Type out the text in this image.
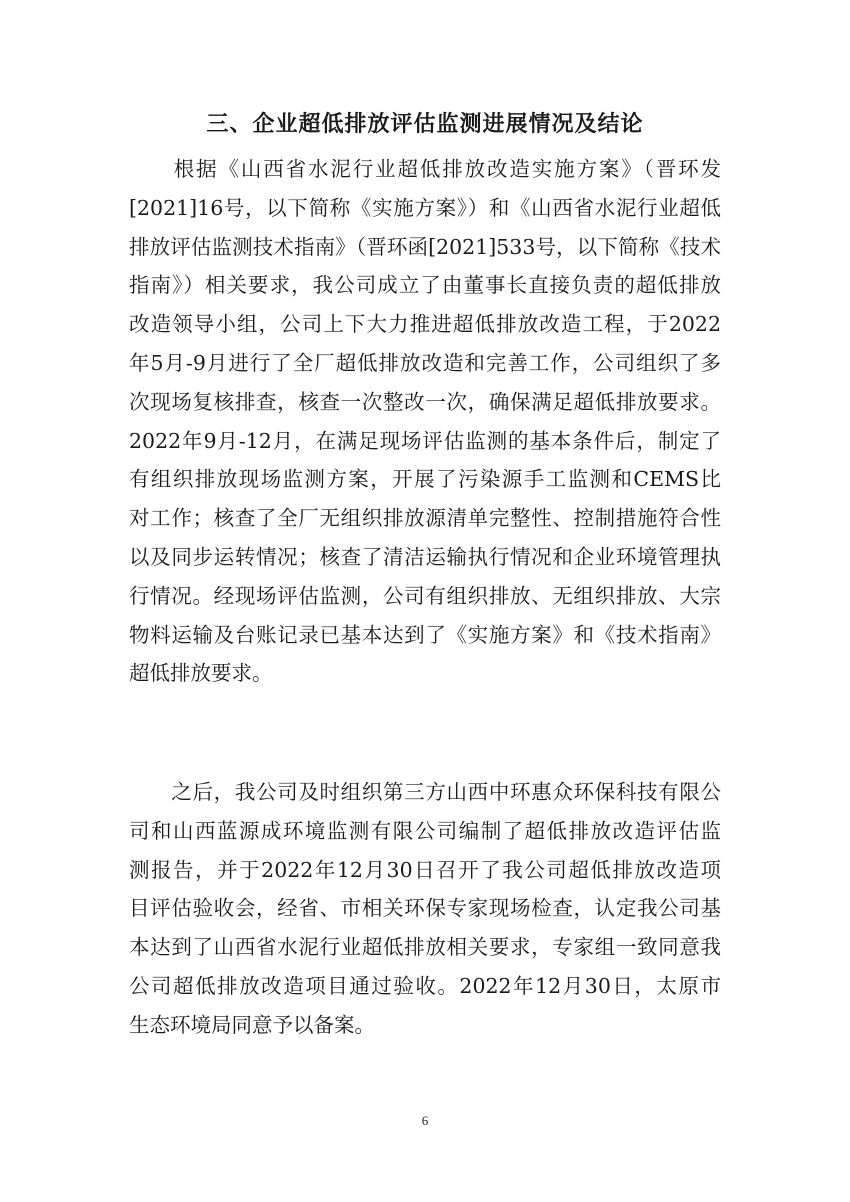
三、企业超低排放评估监测进展情况及结论
　　根据《山西省水泥行业超低排放改造实施方案》（晋环发
[2021]16号，以下简称《实施方案》）和《山西省水泥行业超低
排放评估监测技术指南》（晋环函[2021]533号，以下简称《技术
指南》）相关要求，我公司成立了由董事长直接负责的超低排放
改造领导小组，公司上下大力推进超低排放改造工程，于2022
年5月-9月进行了全厂超低排放改造和完善工作，公司组织了多
次现场复核排查，核查一次整改一次，确保满足超低排放要求。
2022年9月-12月，在满足现场评估监测的基本条件后，制定了
有组织排放现场监测方案，开展了污染源手工监测和CEMS比
对工作；核查了全厂无组织排放源清单完整性、控制措施符合性
以及同步运转情况；核查了清洁运输执行情况和企业环境管理执
行情况。经现场评估监测，公司有组织排放、无组织排放、大宗
物料运输及台账记录已基本达到了《实施方案》和《技术指南》
超低排放要求。
　　之后，我公司及时组织第三方山西中环惠众环保科技有限公
司和山西蓝源成环境监测有限公司编制了超低排放改造评估监
测报告，并于2022年12月30日召开了我公司超低排放改造项
目评估验收会，经省、市相关环保专家现场检查，认定我公司基
本达到了山西省水泥行业超低排放相关要求，专家组一致同意我
公司超低排放改造项目通过验收。2022年12月30日，太原市
生态环境局同意予以备案。
6
